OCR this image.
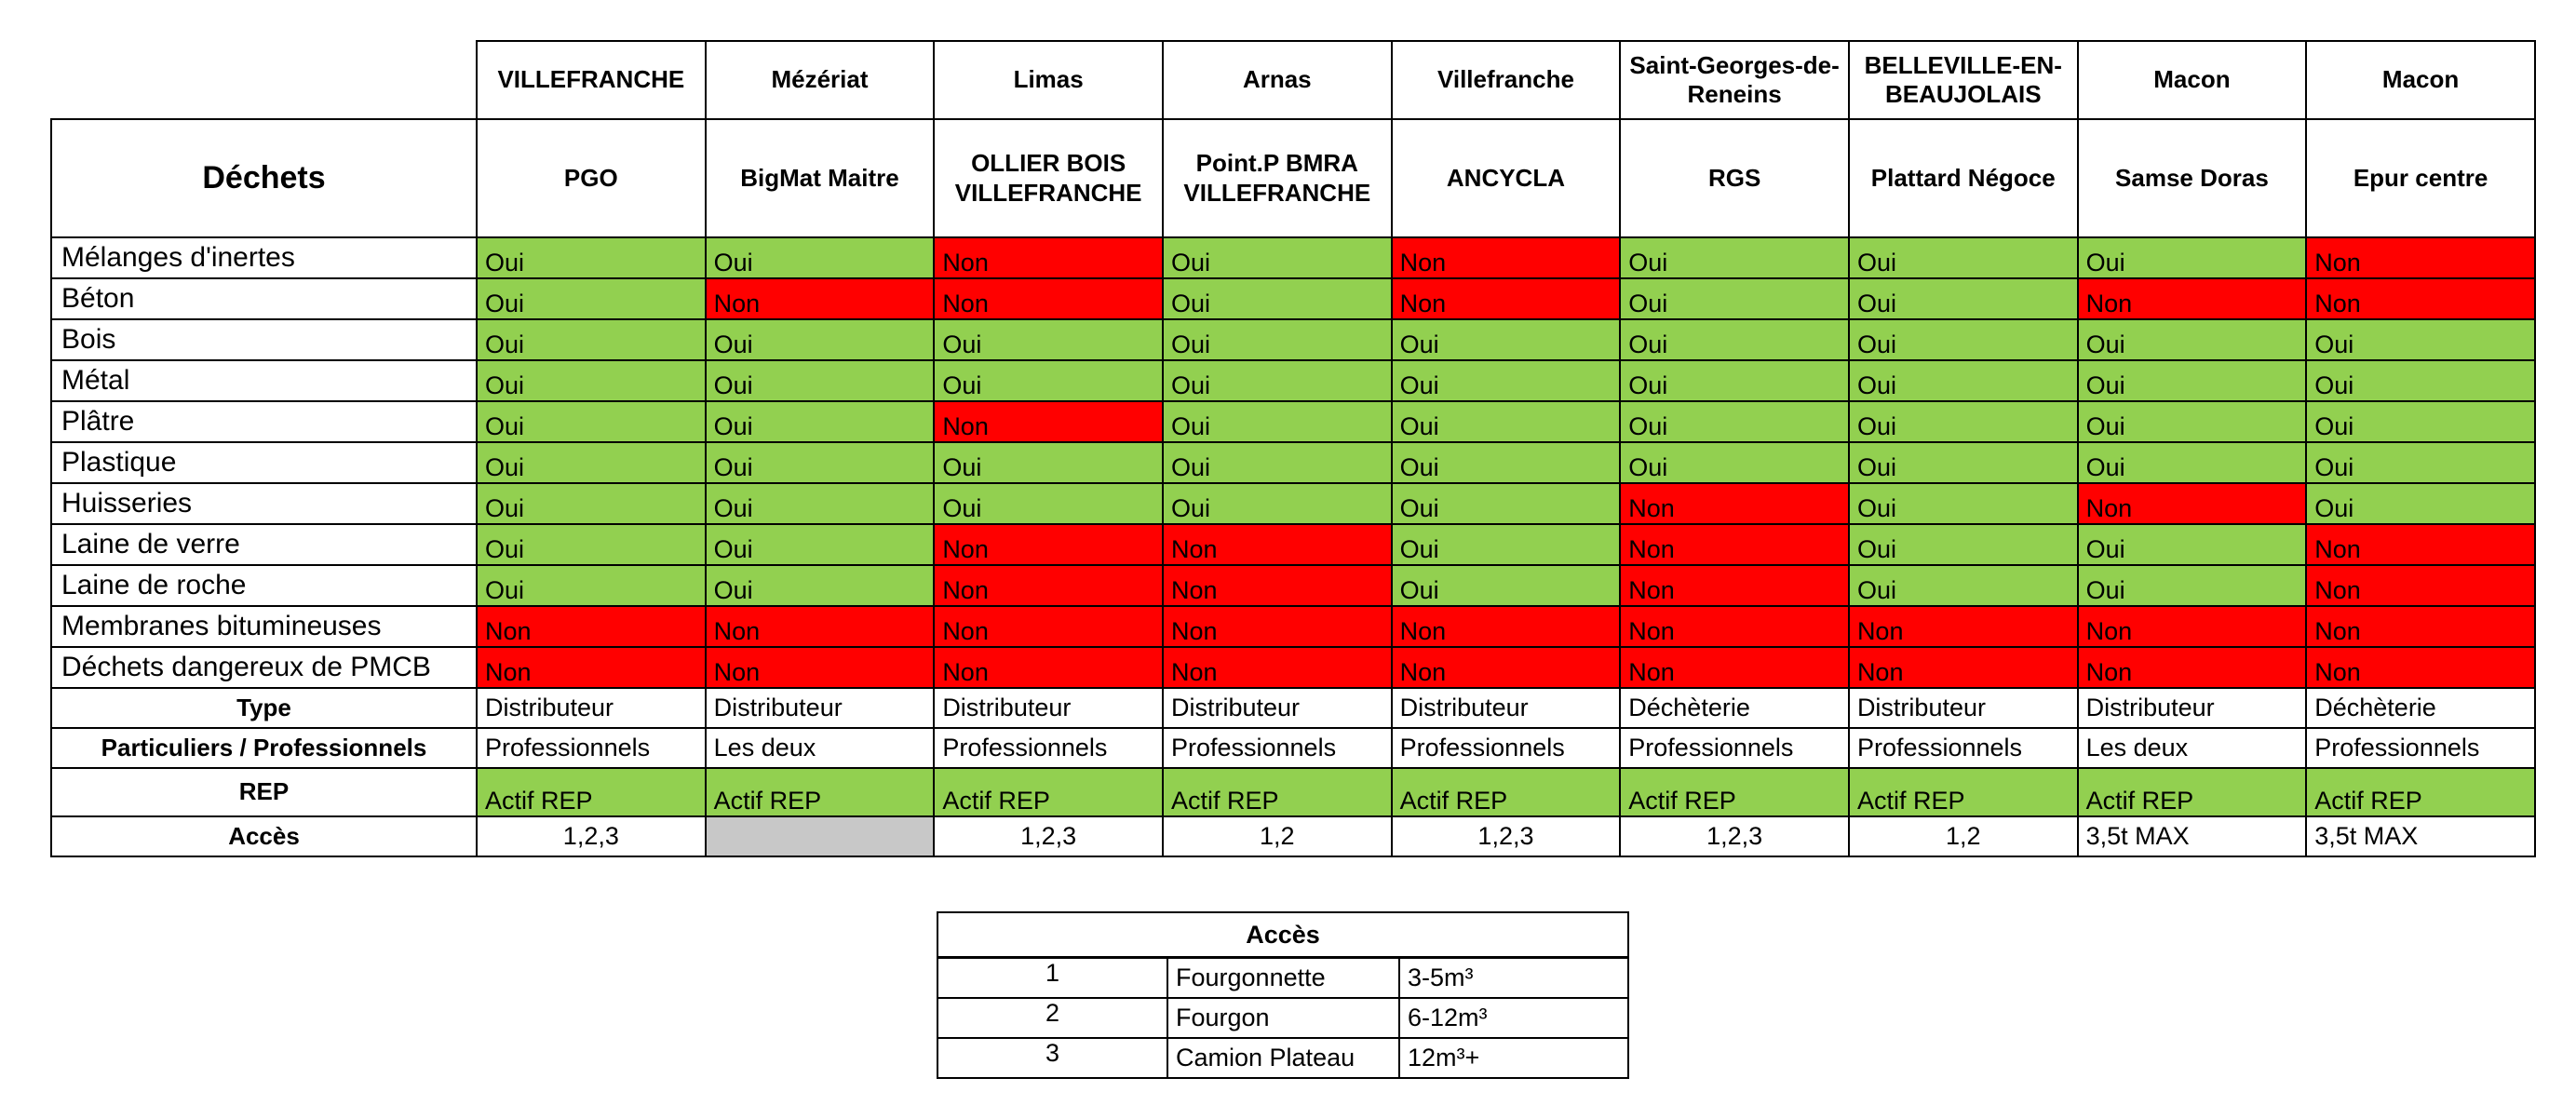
	VILLEFRANCHE	Mézériat	Limas	Arnas	Villefranche	Saint-Georges-de-Reneins	BELLEVILLE-EN-BEAUJOLAIS	Macon	Macon
Déchets	PGO	BigMat Maitre	OLLIER BOIS VILLEFRANCHE	Point.P BMRA VILLEFRANCHE	ANCYCLA	RGS	Plattard Négoce	Samse Doras	Epur centre
Mélanges d'inertes	Oui	Oui	Non	Oui	Non	Oui	Oui	Oui	Non
Béton	Oui	Non	Non	Oui	Non	Oui	Oui	Non	Non
Bois	Oui	Oui	Oui	Oui	Oui	Oui	Oui	Oui	Oui
Métal	Oui	Oui	Oui	Oui	Oui	Oui	Oui	Oui	Oui
Plâtre	Oui	Oui	Non	Oui	Oui	Oui	Oui	Oui	Oui
Plastique	Oui	Oui	Oui	Oui	Oui	Oui	Oui	Oui	Oui
Huisseries	Oui	Oui	Oui	Oui	Oui	Non	Oui	Non	Oui
Laine de verre	Oui	Oui	Non	Non	Oui	Non	Oui	Oui	Non
Laine de roche	Oui	Oui	Non	Non	Oui	Non	Oui	Oui	Non
Membranes bitumineuses	Non	Non	Non	Non	Non	Non	Non	Non	Non
Déchets dangereux de PMCB	Non	Non	Non	Non	Non	Non	Non	Non	Non
Type	Distributeur	Distributeur	Distributeur	Distributeur	Distributeur	Déchèterie	Distributeur	Distributeur	Déchèterie
Particuliers / Professionnels	Professionnels	Les deux	Professionnels	Professionnels	Professionnels	Professionnels	Professionnels	Les deux	Professionnels
REP	Actif REP	Actif REP	Actif REP	Actif REP	Actif REP	Actif REP	Actif REP	Actif REP	Actif REP
Accès	1,2,3		1,2,3	1,2	1,2,3	1,2,3	1,2	3,5t MAX	3,5t MAX
Accès		
1	Fourgonnette	3-5m³
2	Fourgon	6-12m³
3	Camion Plateau	12m³+
